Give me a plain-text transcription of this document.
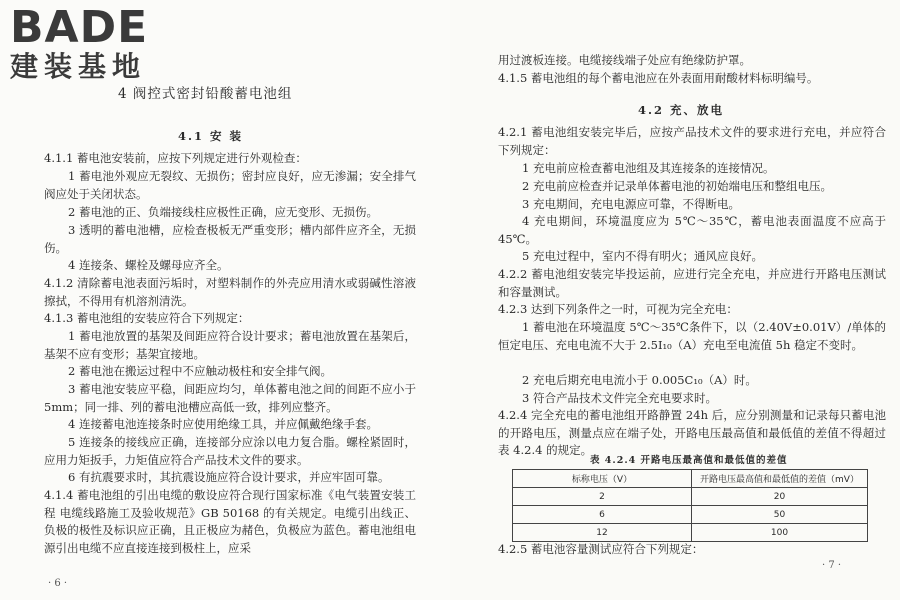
BADE
建装基地
4 阀控式密封铅酸蓄电池组
4.1 安 装
4.1.1 蓄电池安装前，应按下列规定进行外观检查：
1 蓄电池外观应无裂纹、无损伤；密封应良好，应无渗漏；安全排气阀应处于关闭状态。
2 蓄电池的正、负端接线柱应极性正确，应无变形、无损伤。
3 透明的蓄电池槽，应检查极板无严重变形；槽内部件应齐全，无损伤。
4 连接条、螺栓及螺母应齐全。
4.1.2 清除蓄电池表面污垢时，对塑料制作的外壳应用清水或弱碱性溶液擦拭，不得用有机溶剂清洗。
4.1.3 蓄电池组的安装应符合下列规定：
1 蓄电池放置的基架及间距应符合设计要求；蓄电池放置在基架后，基架不应有变形；基架宜接地。
2 蓄电池在搬运过程中不应触动极柱和安全排气阀。
3 蓄电池安装应平稳，间距应均匀，单体蓄电池之间的间距不应小于5mm；同一排、列的蓄电池槽应高低一致，排列应整齐。
4 连接蓄电池连接条时应使用绝缘工具，并应佩戴绝缘手套。
5 连接条的接线应正确，连接部分应涂以电力复合脂。螺栓紧固时，应用力矩扳手，力矩值应符合产品技术文件的要求。
6 有抗震要求时，其抗震设施应符合设计要求，并应牢固可靠。
4.1.4 蓄电池组的引出电缆的敷设应符合现行国家标准《电气装置安装工程 电缆线路施工及验收规范》GB 50168 的有关规定。电缆引出线正、负极的极性及标识应正确，且正极应为赭色，负极应为蓝色。蓄电池组电源引出电缆不应直接连接到极柱上，应采
· 6 ·
用过渡板连接。电缆接线端子处应有绝缘防护罩。
4.1.5 蓄电池组的每个蓄电池应在外表面用耐酸材料标明编号。
4.2 充、放电
4.2.1 蓄电池组安装完毕后，应按产品技术文件的要求进行充电，并应符合下列规定：
1 充电前应检查蓄电池组及其连接条的连接情况。
2 充电前应检查并记录单体蓄电池的初始端电压和整组电压。
3 充电期间，充电电源应可靠，不得断电。
4 充电期间，环境温度应为 5℃～35℃，蓄电池表面温度不应高于 45℃。
5 充电过程中，室内不得有明火；通风应良好。
4.2.2 蓄电池组安装完毕投运前，应进行完全充电，并应进行开路电压测试和容量测试。
4.2.3 达到下列条件之一时，可视为完全充电：
1 蓄电池在环境温度 5℃～35℃条件下，以（2.40V±0.01V）/单体的恒定电压、充电电流不大于 2.5I₁₀（A）充电至电流值 5h 稳定不变时。
2 充电后期充电电流小于 0.005C₁₀（A）时。
3 符合产品技术文件完全充电要求时。
4.2.4 完全充电的蓄电池组开路静置 24h 后，应分别测量和记录每只蓄电池的开路电压，测量点应在端子处，开路电压最高值和最低值的差值不得超过表 4.2.4 的规定。
表 4.2.4 开路电压最高值和最低值的差值
标称电压（V）	开路电压最高值和最低值的差值（mV）
2	20
6	50
12	100
4.2.5 蓄电池容量测试应符合下列规定：
· 7 ·
